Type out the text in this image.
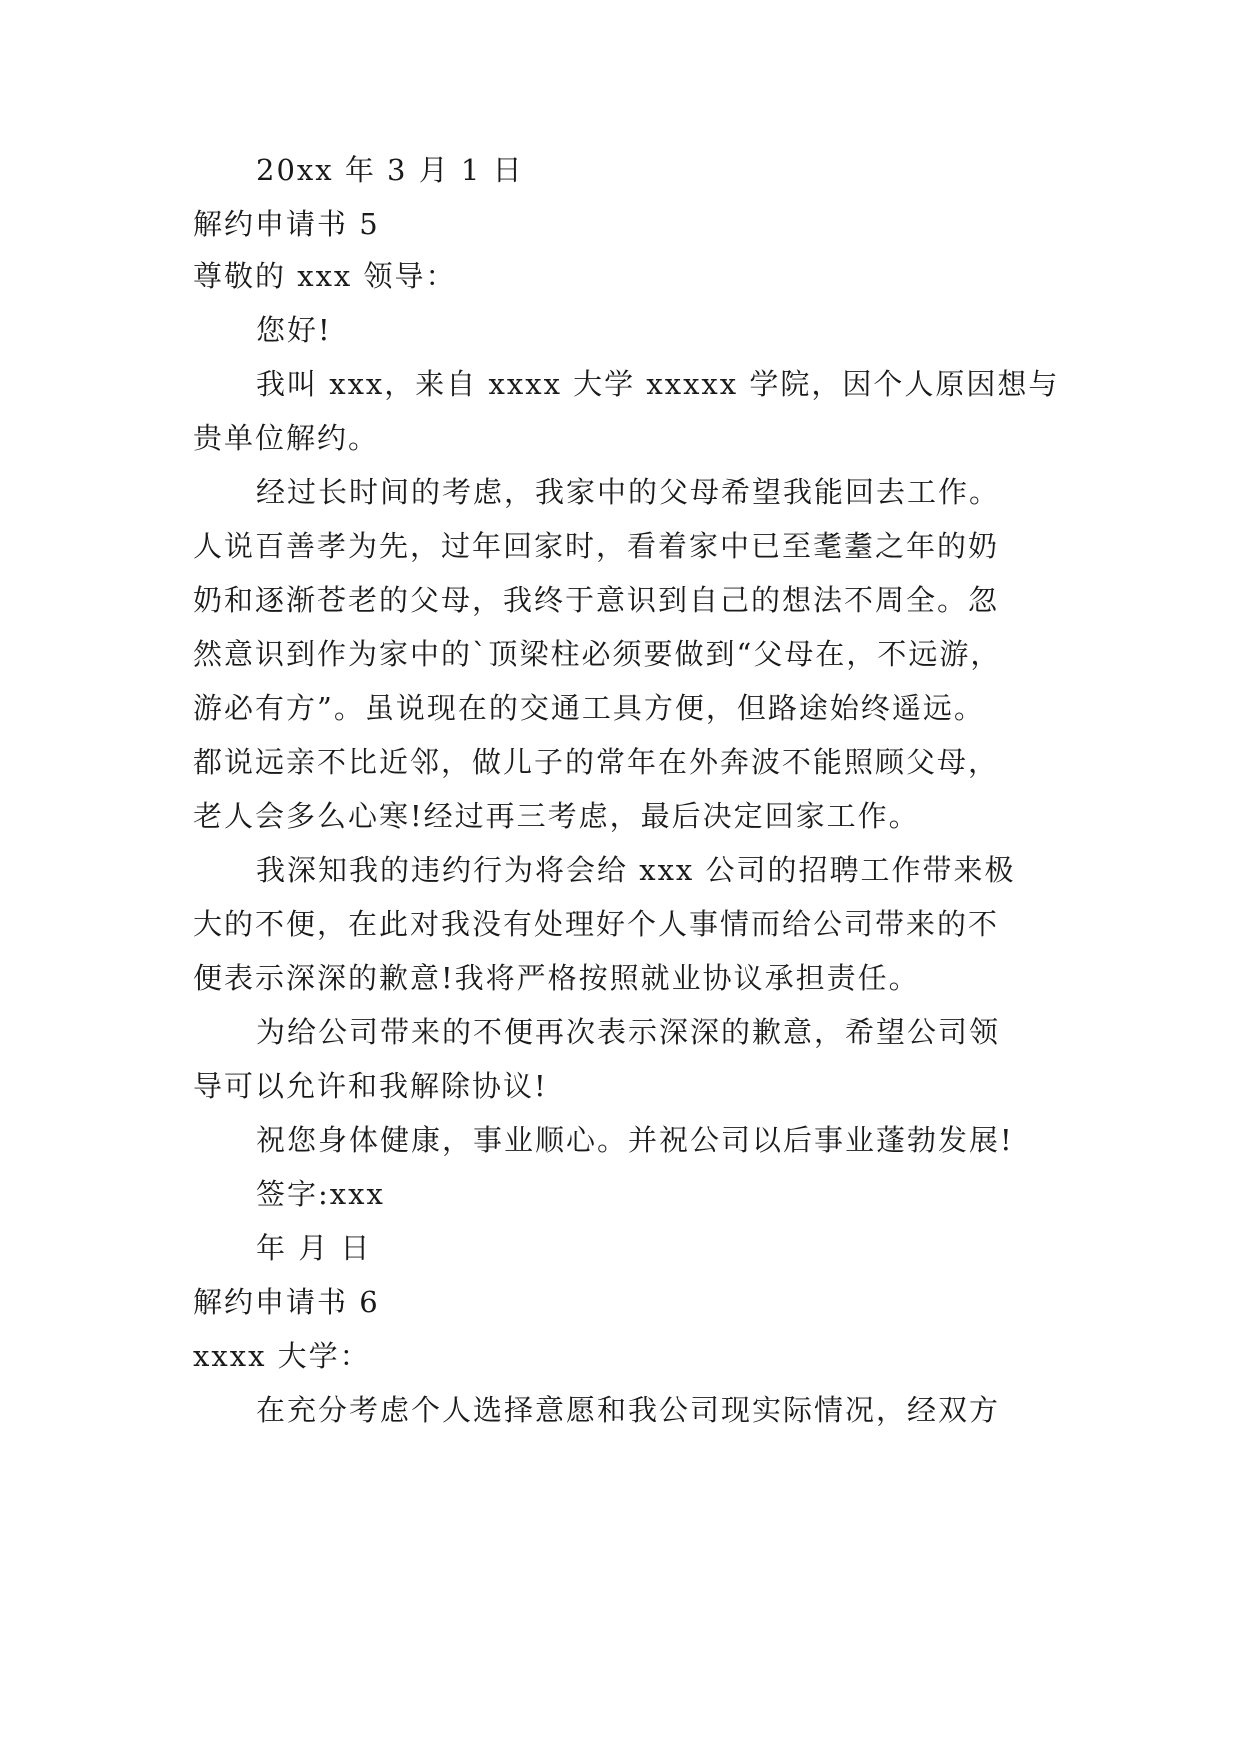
20xx 年 3 月 1 日
解约申请书 5
尊敬的 xxx 领导：
您好!
我叫 xxx，来自 xxxx 大学 xxxxx 学院，因个人原因想与
贵单位解约。
经过长时间的考虑，我家中的父母希望我能回去工作。
人说百善孝为先，过年回家时，看着家中已至耄耋之年的奶
奶和逐渐苍老的父母，我终于意识到自己的想法不周全。忽
然意识到作为家中的`顶梁柱必须要做到“父母在，不远游，
游必有方”。虽说现在的交通工具方便，但路途始终遥远。
都说远亲不比近邻，做儿子的常年在外奔波不能照顾父母，
老人会多么心寒!经过再三考虑，最后决定回家工作。
我深知我的违约行为将会给 xxx 公司的招聘工作带来极
大的不便，在此对我没有处理好个人事情而给公司带来的不
便表示深深的歉意!我将严格按照就业协议承担责任。
为给公司带来的不便再次表示深深的歉意，希望公司领
导可以允许和我解除协议!
祝您身体健康，事业顺心。并祝公司以后事业蓬勃发展!
签字:xxx
年 月 日
解约申请书 6
xxxx 大学：
在充分考虑个人选择意愿和我公司现实际情况，经双方
